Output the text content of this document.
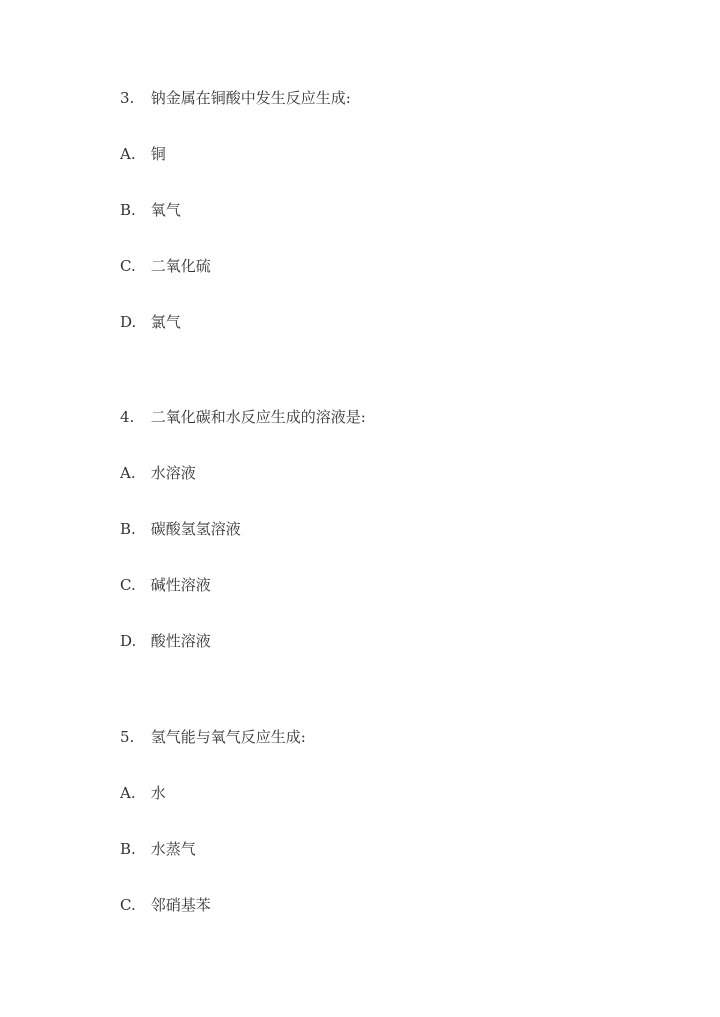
3. 钠金属在铜酸中发生反应生成:
A. 铜
B. 氧气
C. 二氧化硫
D. 氯气
4. 二氧化碳和水反应生成的溶液是:
A. 水溶液
B. 碳酸氢氢溶液
C. 碱性溶液
D. 酸性溶液
5. 氢气能与氧气反应生成:
A. 水
B. 水蒸气
C. 邻硝基苯
